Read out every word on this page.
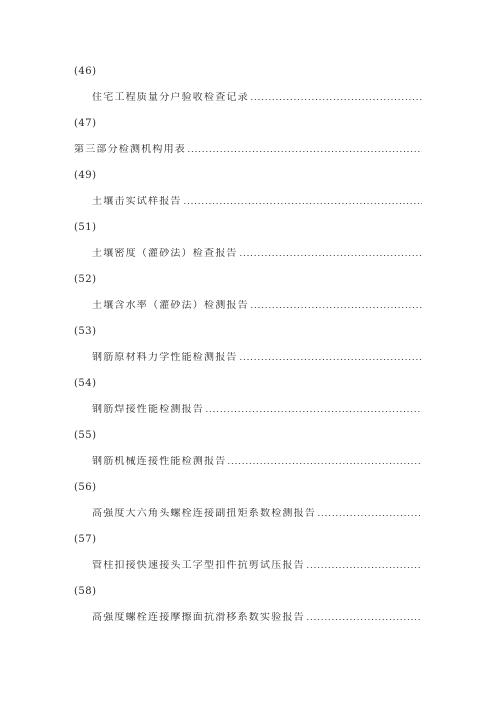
(46)
住宅工程质量分户验收检查记录
(47)
第三部分检测机构用表
(49)
土壤击实试样报告
(51)
土壤密度（灌砂法）检查报告
(52)
土壤含水率（灌砂法）检测报告
(53)
钢筋原材料力学性能检测报告
(54)
钢筋焊接性能检测报告
(55)
钢筋机械连接性能检测报告
(56)
高强度大六角头螺栓连接副扭矩系数检测报告
(57)
管柱扣接快速接头工字型扣件抗剪试压报告
(58)
高强度螺栓连接摩擦面抗滑移系数实验报告
